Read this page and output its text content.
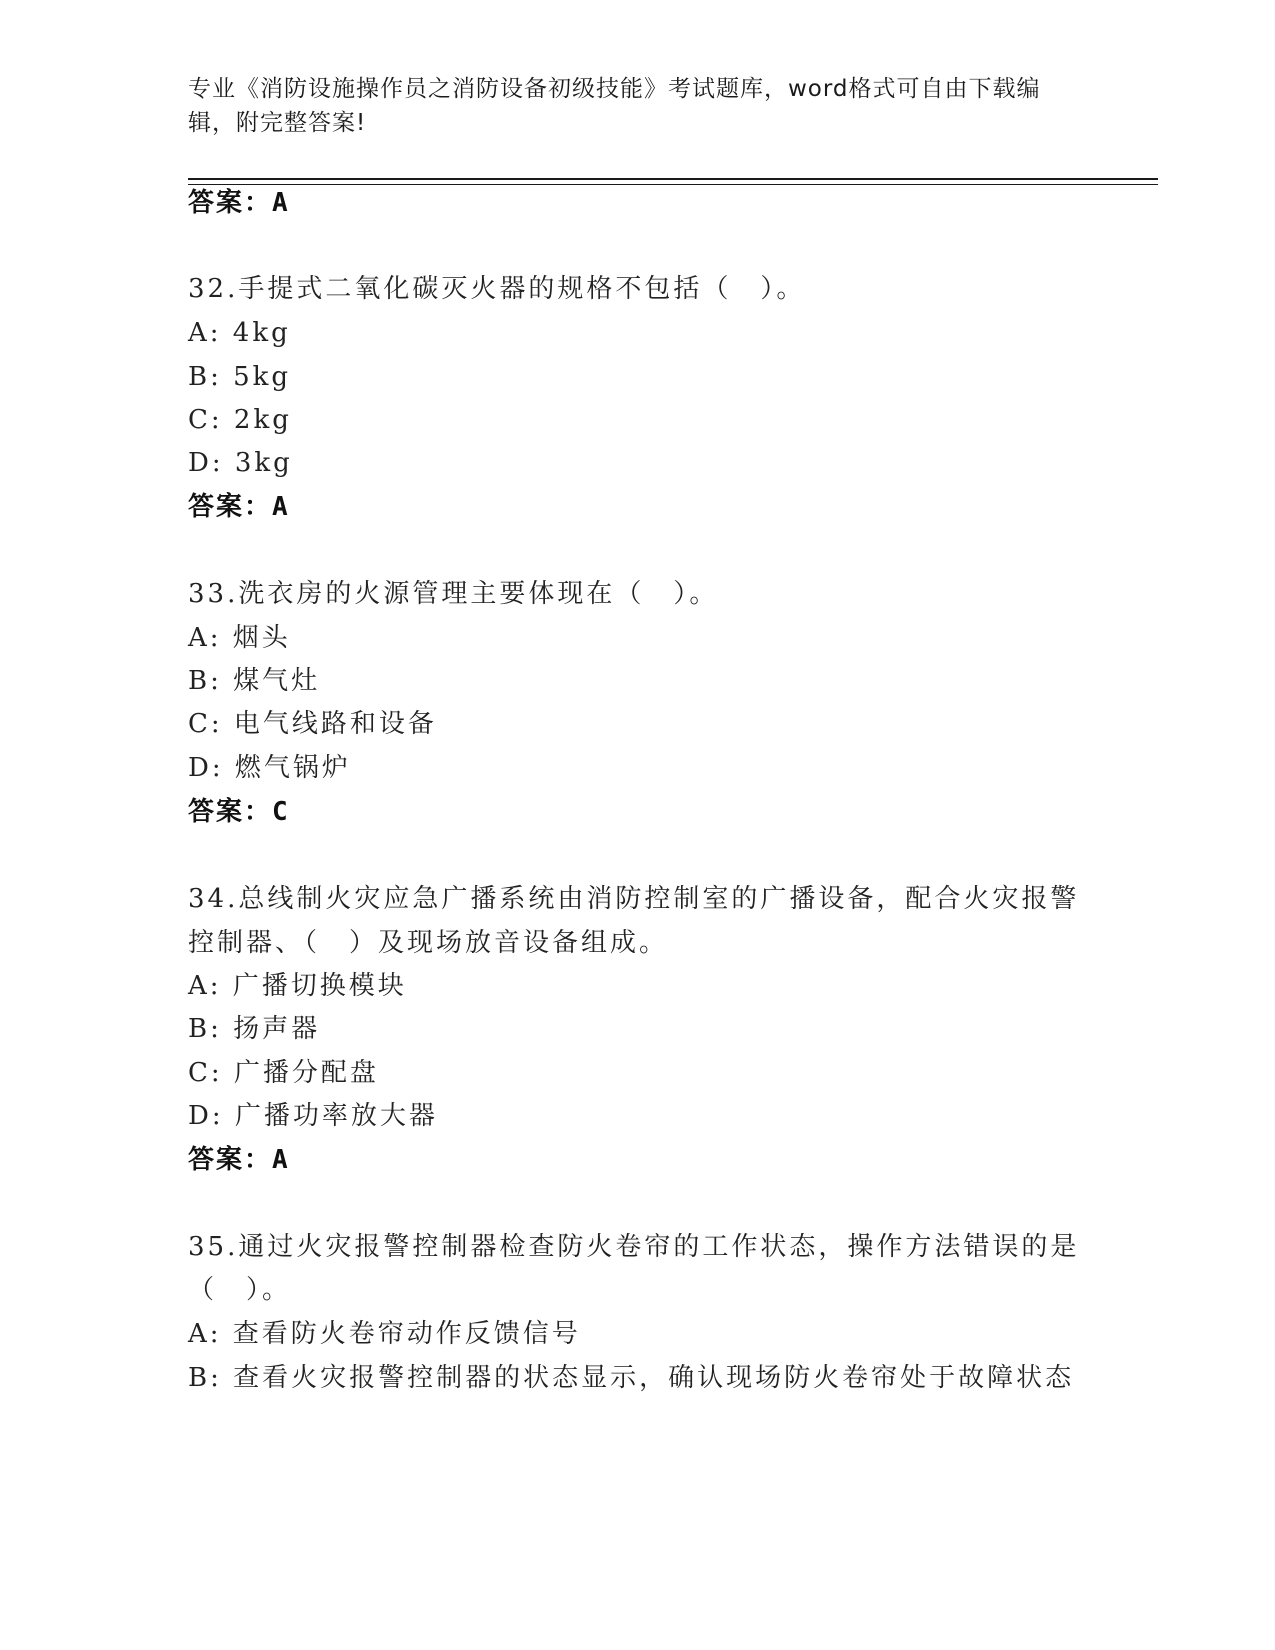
专业《消防设施操作员之消防设备初级技能》考试题库，word格式可自由下载编
辑，附完整答案!
答案：A
32.手提式二氧化碳灭火器的规格不包括（　）。
A: 4kg
B: 5kg
C: 2kg
D: 3kg
答案：A
33.洗衣房的火源管理主要体现在（　）。
A: 烟头
B: 煤气灶
C: 电气线路和设备
D: 燃气锅炉
答案：C
34.总线制火灾应急广播系统由消防控制室的广播设备，配合火灾报警
控制器、（　）及现场放音设备组成。
A: 广播切换模块
B: 扬声器
C: 广播分配盘
D: 广播功率放大器
答案：A
35.通过火灾报警控制器检查防火卷帘的工作状态，操作方法错误的是
（　）。
A: 查看防火卷帘动作反馈信号
B: 查看火灾报警控制器的状态显示，确认现场防火卷帘处于故障状态
